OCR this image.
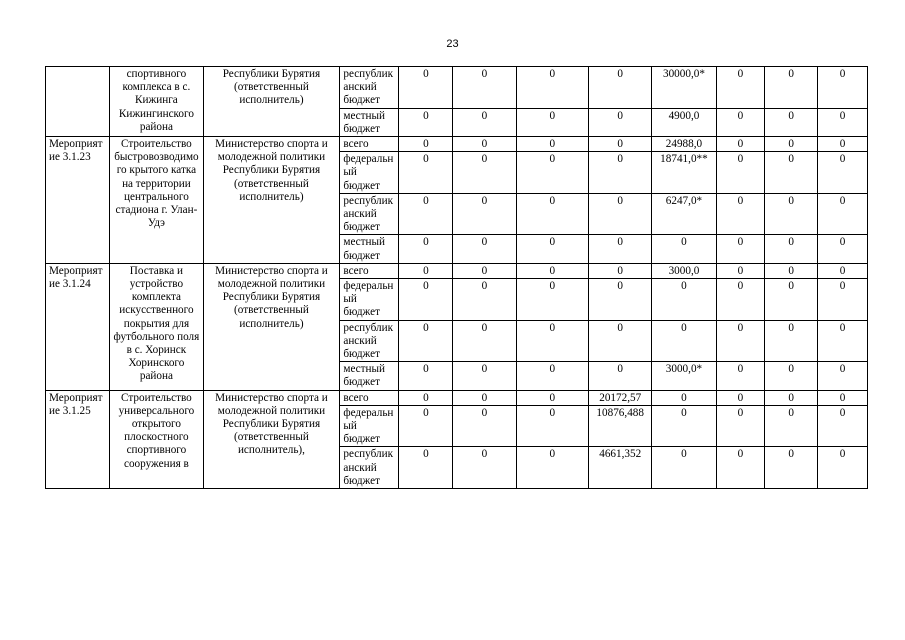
23
	спортивного комплекса в с. Кижинга Кижингинского района	Республики Бурятия (ответственный исполнитель)	республиканский бюджет	0	0	0	0	30000,0*	0	0	0
			местный бюджет	0	0	0	0	4900,0	0	0	0
Мероприятие 3.1.23	Строительство быстровозводимого крытого катка на территории центрального стадиона г. Улан-Удэ	Министерство спорта и молодежной политики Республики Бурятия (ответственный исполнитель)	всего	0	0	0	0	24988,0	0	0	0
			федеральный бюджет	0	0	0	0	18741,0**	0	0	0
			республиканский бюджет	0	0	0	0	6247,0*	0	0	0
			местный бюджет	0	0	0	0	0	0	0	0
Мероприятие 3.1.24	Поставка и устройство комплекта искусственного покрытия для футбольного поля в с. Хоринск Хоринского района	Министерство спорта и молодежной политики Республики Бурятия (ответственный исполнитель)	всего	0	0	0	0	3000,0	0	0	0
			федеральный бюджет	0	0	0	0	0	0	0	0
			республиканский бюджет	0	0	0	0	0	0	0	0
			местный бюджет	0	0	0	0	3000,0*	0	0	0
Мероприятие 3.1.25	Строительство универсального открытого плоскостного спортивного сооружения в	Министерство спорта и молодежной политики Республики Бурятия (ответственный исполнитель),	всего	0	0	0	20172,57	0	0	0	0
			федеральный бюджет	0	0	0	10876,488	0	0	0	0
			республиканский бюджет	0	0	0	4661,352	0	0	0	0
